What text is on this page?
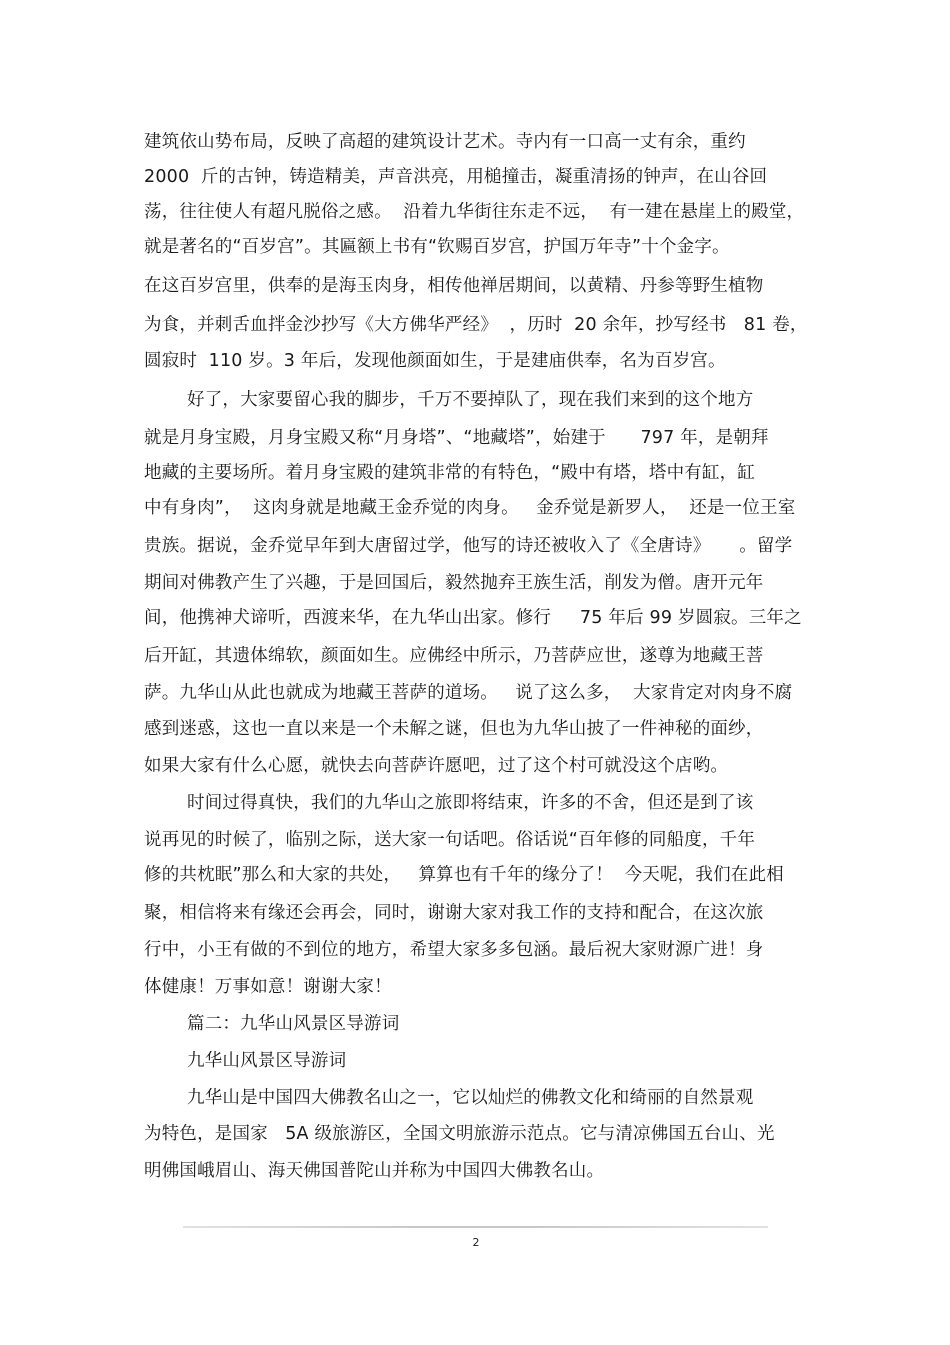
建筑依山势布局，反映了高超的建筑设计艺术。寺内有一口高一丈有余，重约
2000  斤的古钟，铸造精美，声音洪亮，用槌撞击，凝重清扬的钟声，在山谷回
荡，往往使人有超凡脱俗之感。  沿着九华街往东走不远，  有一建在悬崖上的殿堂，
就是著名的“百岁宫”。其匾额上书有“钦赐百岁宫，护国万年寺”十个金字。
在这百岁宫里，供奉的是海玉肉身，相传他禅居期间，以黄精、丹参等野生植物
为食，并刺舌血拌金沙抄写《大方佛华严经》  ，历时  20 余年，抄写经书   81 卷，
圆寂时  110 岁。3 年后，发现他颜面如生，于是建庙供奉，名为百岁宫。
好了，大家要留心我的脚步，千万不要掉队了，现在我们来到的这个地方
就是月身宝殿，月身宝殿又称“月身塔”、“地藏塔”，始建于      797 年，是朝拜
地藏的主要场所。着月身宝殿的建筑非常的有特色，“殿中有塔，塔中有缸，缸
中有身肉”，  这肉身就是地藏王金乔觉的肉身。   金乔觉是新罗人，  还是一位王室
贵族。据说，金乔觉早年到大唐留过学，他写的诗还被收入了《全唐诗》     。留学
期间对佛教产生了兴趣，于是回国后，毅然抛弃王族生活，削发为僧。唐开元年
间，他携神犬谛听，西渡来华，在九华山出家。修行     75 年后 99 岁圆寂。三年之
后开缸，其遗体绵软，颜面如生。应佛经中所示，乃菩萨应世，遂尊为地藏王菩
萨。九华山从此也就成为地藏王菩萨的道场。   说了这么多，  大家肯定对肉身不腐
感到迷惑，这也一直以来是一个未解之谜，但也为九华山披了一件神秘的面纱，
如果大家有什么心愿，就快去向菩萨许愿吧，过了这个村可就没这个店哟。
时间过得真快，我们的九华山之旅即将结束，许多的不舍，但还是到了该
说再见的时候了，临别之际，送大家一句话吧。俗话说“百年修的同船度，千年
修的共枕眠”那么和大家的共处，   算算也有千年的缘分了！  今天呢，我们在此相
聚，相信将来有缘还会再会，同时，谢谢大家对我工作的支持和配合，在这次旅
行中，小王有做的不到位的地方，希望大家多多包涵。最后祝大家财源广进！身
体健康！万事如意！谢谢大家！
篇二：九华山风景区导游词
九华山风景区导游词
九华山是中国四大佛教名山之一，它以灿烂的佛教文化和绮丽的自然景观
为特色，是国家   5A 级旅游区，全国文明旅游示范点。它与清凉佛国五台山、光
明佛国峨眉山、海天佛国普陀山并称为中国四大佛教名山。
2
